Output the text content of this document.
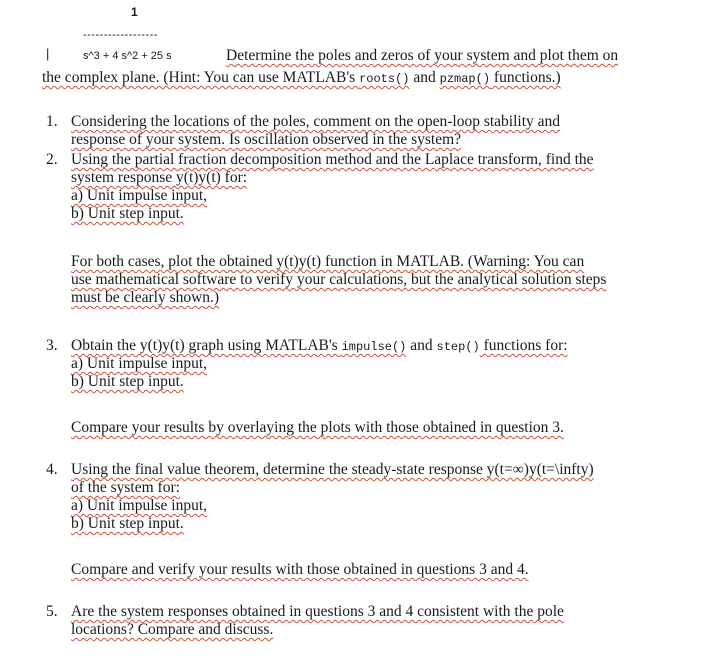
1
------------------
|	s^3 + 4 s^2 + 25 s	Determine the poles and zeros of your system and plot them on
the complex plane. (Hint: You can use MATLAB's roots() and pzmap() functions.)
1. Considering the locations of the poles, comment on the open-loop stability and
response of your system. Is oscillation observed in the system?
2. Using the partial fraction decomposition method and the Laplace transform, find the
system response y(t)y(t) for:
a) Unit impulse input,
b) Unit step input.
For both cases, plot the obtained y(t)y(t) function in MATLAB. (Warning: You can
use mathematical software to verify your calculations, but the analytical solution steps
must be clearly shown.)
3. Obtain the y(t)y(t) graph using MATLAB's impulse() and step() functions for:
a) Unit impulse input,
b) Unit step input.
Compare your results by overlaying the plots with those obtained in question 3.
4. Using the final value theorem, determine the steady-state response y(t=∞)y(t=\infty)
of the system for:
a) Unit impulse input,
b) Unit step input.
Compare and verify your results with those obtained in questions 3 and 4.
5. Are the system responses obtained in questions 3 and 4 consistent with the pole
locations? Compare and discuss.
